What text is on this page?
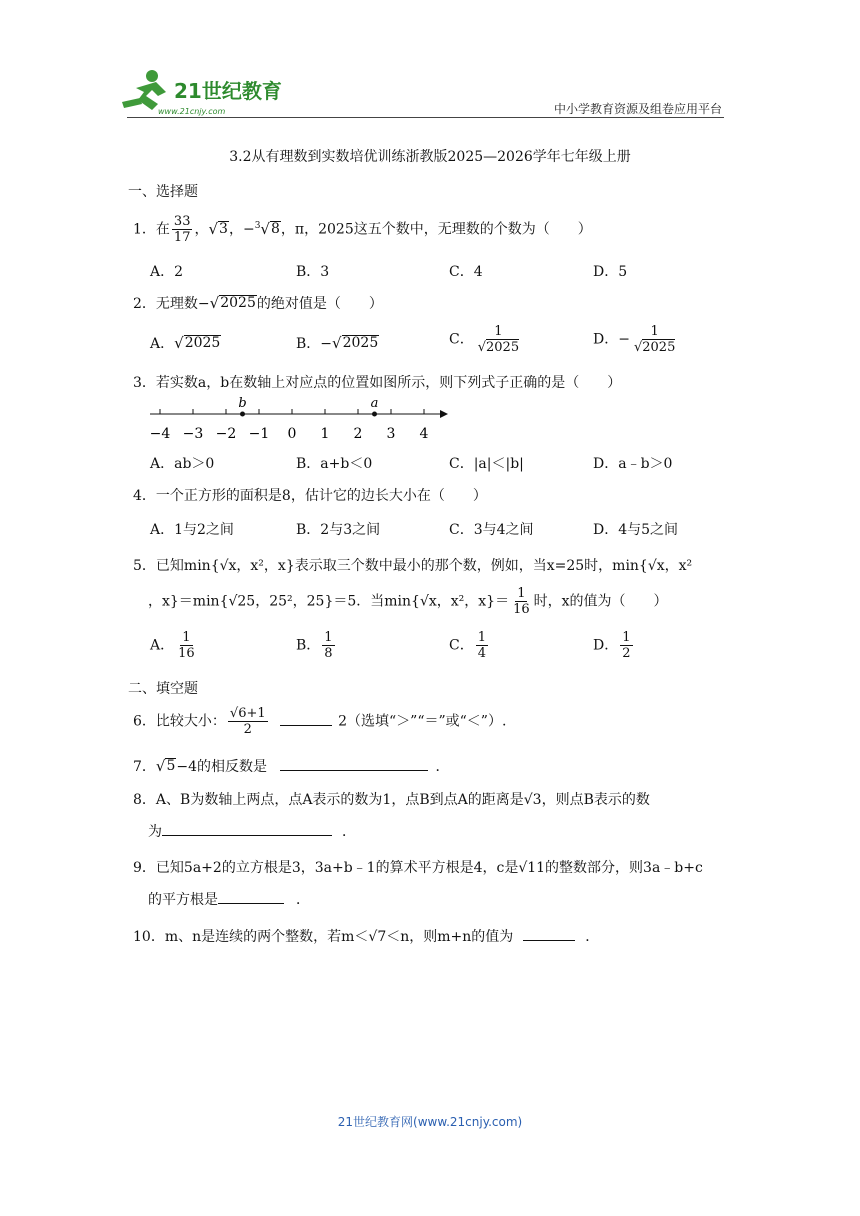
21世纪教育
www.21cnjy.com	中小学教育资源及组卷应用平台
3.2从有理数到实数培优训练浙教版2025—2026学年七年级上册
一、选择题
1．在 $\frac{33}{17}$ ， √ 3 ，−$^3$ √ 8 ，π，2025这五个数中，无理数的个数为（　　）
A．2	B．3	C．4	D．5
2．无理数− √ 2025 的绝对值是（　　）
A． √ 2025	B．− √ 2025	C． $\frac{1}{√2025}$	D．− $\frac{1}{√2025}$
3．若实数a，b在数轴上对应点的位置如图所示，则下列式子正确的是（　　）
−4 −3 −2 −1 0 1 2 3 4
a
b
A．ab＞0	B．a+b＜0	C．|a|＜|b|	D．a﹣b＞0
4．一个正方形的面积是8，估计它的边长大小在（　　）
A．1与2之间	B．2与3之间	C．3与4之间	D．4与5之间
5．已知min{√x，x²，x}表示取三个数中最小的那个数，例如，当x=25时，min{√x，x²
，x}＝min{√25，25²，25}＝5．当min{√x，x²，$x\}= \frac{1}{16}$ 时，x的值为（　　）
A． $\frac{1}{16}$	B． $\frac{1}{8}$	C． $\frac{1}{4}$	D． $\frac{1}{2}$
二、填空题
6．比较大小： $\frac{√6+1}{2}$	2（选填“＞”“＝”或“＜”）.
7． √ 5 −4的相反数是	．
8．A、B为数轴上两点，点A表示的数为1，点B到点A的距离是√3，则点B表示的数
为	．
9．已知5a+2的立方根是3，3a+b﹣1的算术平方根是4，c是√11的整数部分，则3a﹣b+c
的平方根是	．
10．m、n是连续的两个整数，若m＜√7＜n，则m+n的值为	．
21世纪教育网(www.21cnjy.com)
